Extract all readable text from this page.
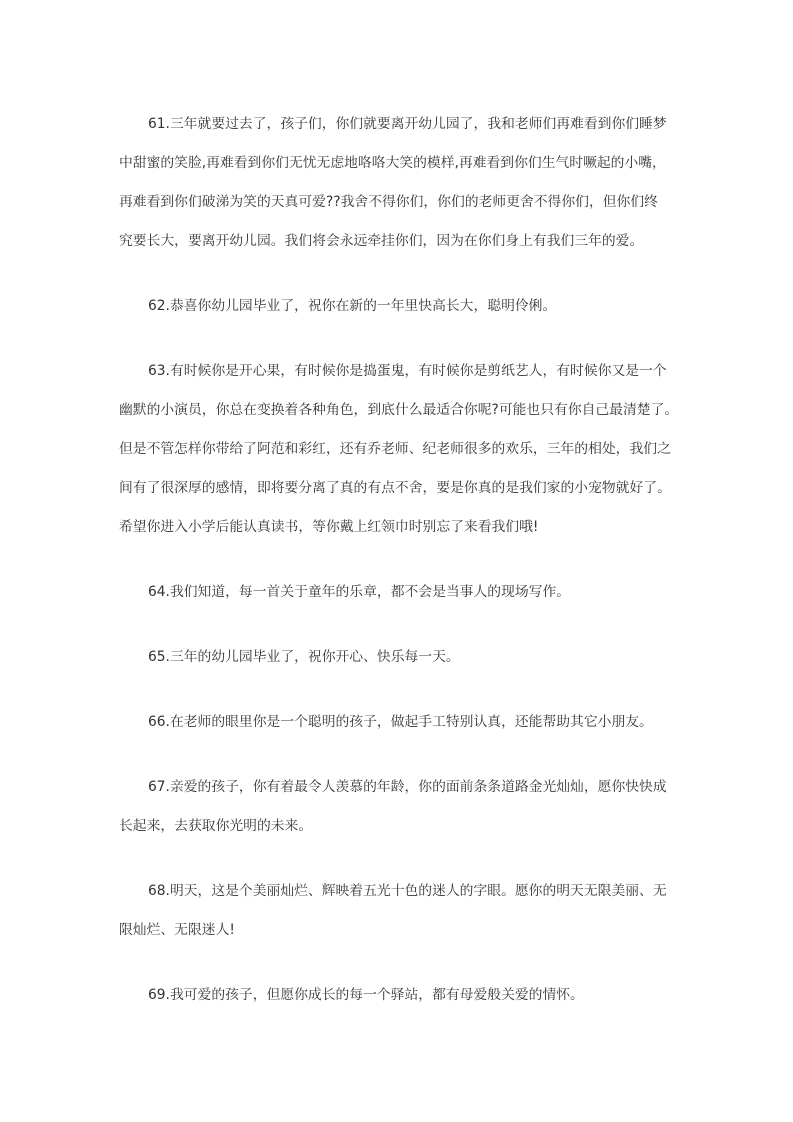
61.三年就要过去了，孩子们，你们就要离开幼儿园了，我和老师们再难看到你们睡梦
中甜蜜的笑脸,再难看到你们无忧无虑地咯咯大笑的模样,再难看到你们生气时噘起的小嘴，
再难看到你们破涕为笑的天真可爱??我舍不得你们，你们的老师更舍不得你们，但你们终
究要长大，要离开幼儿园。我们将会永远牵挂你们，因为在你们身上有我们三年的爱。
62.恭喜你幼儿园毕业了，祝你在新的一年里快高长大，聪明伶俐。
63.有时候你是开心果，有时候你是捣蛋鬼，有时候你是剪纸艺人，有时候你又是一个
幽默的小演员，你总在变换着各种角色，到底什么最适合你呢?可能也只有你自己最清楚了。
但是不管怎样你带给了阿范和彩红，还有乔老师、纪老师很多的欢乐，三年的相处，我们之
间有了很深厚的感情，即将要分离了真的有点不舍，要是你真的是我们家的小宠物就好了。
希望你进入小学后能认真读书，等你戴上红领巾时别忘了来看我们哦!
64.我们知道，每一首关于童年的乐章，都不会是当事人的现场写作。
65.三年的幼儿园毕业了，祝你开心、快乐每一天。
66.在老师的眼里你是一个聪明的孩子，做起手工特别认真，还能帮助其它小朋友。
67.亲爱的孩子，你有着最令人羡慕的年龄，你的面前条条道路金光灿灿，愿你快快成
长起来，去获取你光明的未来。
68.明天，这是个美丽灿烂、辉映着五光十色的迷人的字眼。愿你的明天无限美丽、无
限灿烂、无限迷人!
69.我可爱的孩子，但愿你成长的每一个驿站，都有母爱般关爱的情怀。
